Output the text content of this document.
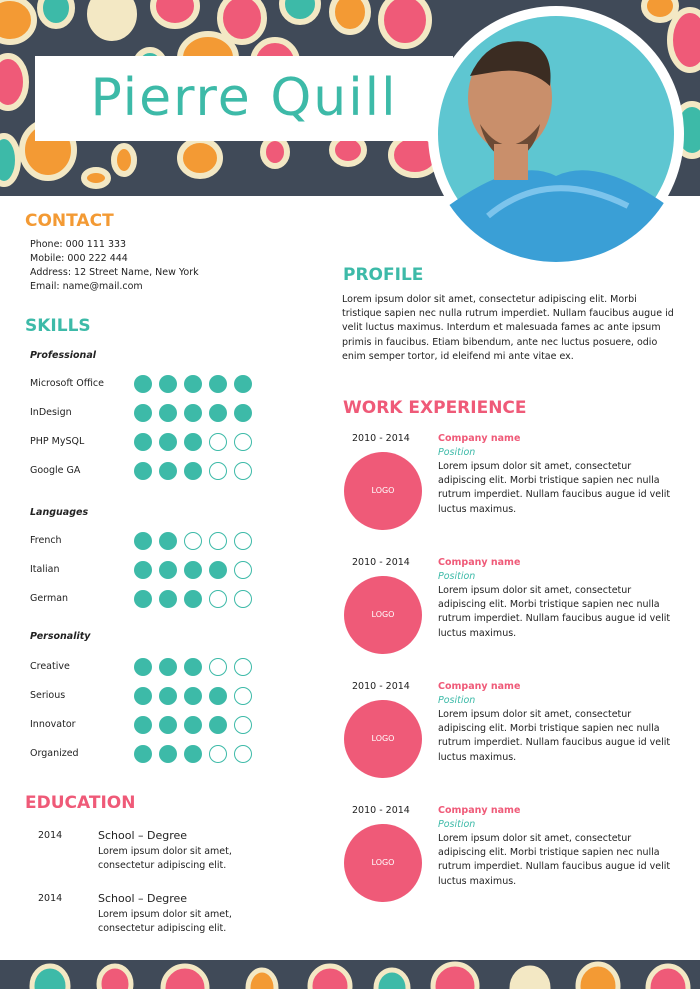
Pierre Quill
CONTACT
Phone: 000 111 333
Mobile: 000 222 444
Address: 12 Street Name, New York
Email: name@mail.com
SKILLS
Professional
Microsoft Office
InDesign
PHP MySQL
Google GA
Languages
French
Italian
German
Personality
Creative
Serious
Innovator
Organized
EDUCATION
2014	School – Degree

Lorem ipsum dolor sit amet, consectetur adipiscing elit.

2014	School – Degree

Lorem ipsum dolor sit amet, consectetur adipiscing elit.

PROFILE

Lorem ipsum dolor sit amet, consectetur adipiscing elit. Morbi tristique sapien nec nulla rutrum imperdiet. Nullam faucibus augue id velit luctus maximus. Interdum et malesuada fames ac ante ipsum primis in faucibus. Etiam bibendum, ante nec luctus posuere, odio enim semper tortor, id eleifend mi ante vitae ex.

WORK EXPERIENCE
2010 - 2014
LOGO
Company name
Position

Lorem ipsum dolor sit amet, consectetur adipiscing elit. Morbi tristique sapien nec nulla rutrum imperdiet. Nullam faucibus augue id velit luctus maximus.

2010 - 2014
LOGO
Company name
Position

Lorem ipsum dolor sit amet, consectetur adipiscing elit. Morbi tristique sapien nec nulla rutrum imperdiet. Nullam faucibus augue id velit luctus maximus.

2010 - 2014
LOGO
Company name
Position

Lorem ipsum dolor sit amet, consectetur adipiscing elit. Morbi tristique sapien nec nulla rutrum imperdiet. Nullam faucibus augue id velit luctus maximus.

2010 - 2014
LOGO
Company name
Position

Lorem ipsum dolor sit amet, consectetur adipiscing elit. Morbi tristique sapien nec nulla rutrum imperdiet. Nullam faucibus augue id velit luctus maximus.
